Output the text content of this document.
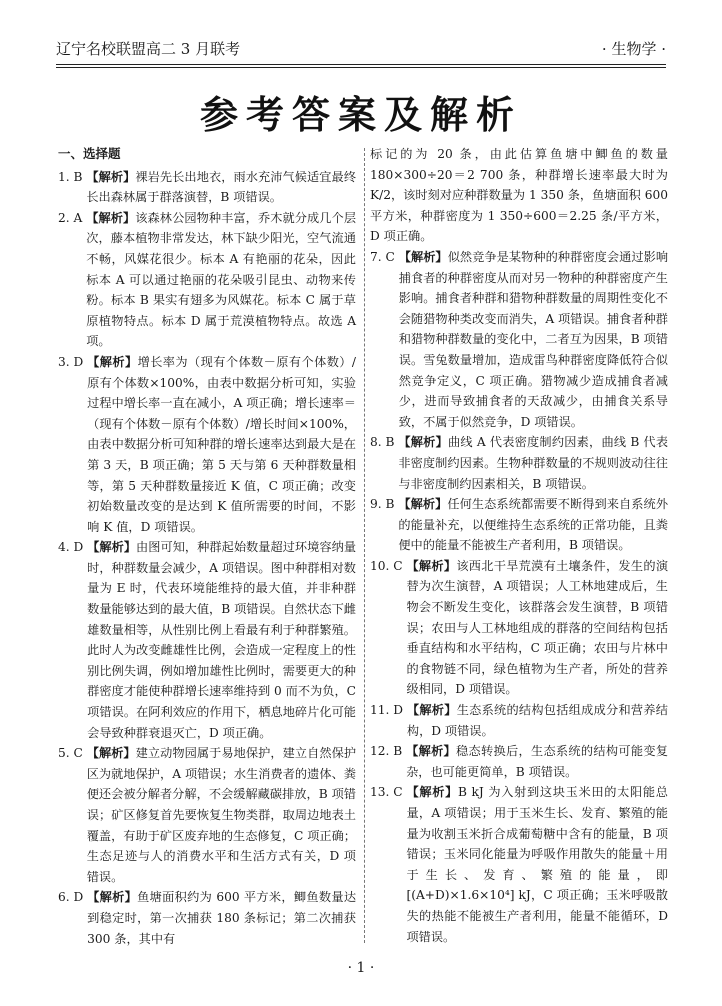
辽宁名校联盟高二 3 月联考	· 生物学 ·
参考答案及解析
一、选择题
1. B 【解析】裸岩先长出地衣，雨水充沛气候适宜最终长出森林属于群落演替，B 项错误。
2. A 【解析】该森林公园物种丰富，乔木就分成几个层次，藤本植物非常发达，林下缺少阳光，空气流通不畅，风媒花很少。标本 A 有艳丽的花朵，因此标本 A 可以通过艳丽的花朵吸引昆虫、动物来传粉。标本 B 果实有翅多为风媒花。标本 C 属于草原植物特点。标本 D 属于荒漠植物特点。故选 A 项。
3. D 【解析】增长率为（现有个体数－原有个体数）/原有个体数×100%，由表中数据分析可知，实验过程中增长率一直在减小，A 项正确；增长速率＝（现有个体数－原有个体数）/增长时间×100%，由表中数据分析可知种群的增长速率达到最大是在第 3 天，B 项正确；第 5 天与第 6 天种群数量相等，第 5 天种群数量接近 K 值，C 项正确；改变初始数量改变的是达到 K 值所需要的时间，不影响 K 值，D 项错误。
4. D 【解析】由图可知，种群起始数量超过环境容纳量时，种群数量会减少，A 项错误。图中种群相对数量为 E 时，代表环境能维持的最大值，并非种群数量能够达到的最大值，B 项错误。自然状态下雌雄数量相等，从性别比例上看最有利于种群繁殖。此时人为改变雌雄性比例，会造成一定程度上的性别比例失调，例如增加雄性比例时，需要更大的种群密度才能使种群增长速率维持到 0 而不为负，C 项错误。在阿利效应的作用下，栖息地碎片化可能会导致种群衰退灭亡，D 项正确。
5. C 【解析】建立动物园属于易地保护，建立自然保护区为就地保护，A 项错误；水生消费者的遗体、粪便还会被分解者分解，不会缓解藏碳排放，B 项错误；矿区修复首先要恢复生物类群，取周边地表土覆盖，有助于矿区废弃地的生态修复，C 项正确；生态足迹与人的消费水平和生活方式有关，D 项错误。
6. D 【解析】鱼塘面积约为 600 平方米，鲫鱼数量达到稳定时，第一次捕获 180 条标记；第二次捕获 300 条，其中有
标记的为 20 条，由此估算鱼塘中鲫鱼的数量 180×300÷20＝2 700 条，种群增长速率最大时为 K/2，该时刻对应种群数量为 1 350 条，鱼塘面积 600 平方米，种群密度为 1 350÷600＝2.25 条/平方米，D 项正确。
7. C 【解析】似然竞争是某物种的种群密度会通过影响捕食者的种群密度从而对另一物种的种群密度产生影响。捕食者种群和猎物种群数量的周期性变化不会随猎物种类改变而消失，A 项错误。捕食者种群和猎物种群数量的变化中，二者互为因果，B 项错误。雪兔数量增加，造成雷鸟种群密度降低符合似然竞争定义，C 项正确。猎物减少造成捕食者减少，进而导致捕食者的天敌减少，由捕食关系导致，不属于似然竞争，D 项错误。
8. B 【解析】曲线 A 代表密度制约因素，曲线 B 代表非密度制约因素。生物种群数量的不规则波动往往与非密度制约因素相关，B 项错误。
9. B 【解析】任何生态系统都需要不断得到来自系统外的能量补充，以便维持生态系统的正常功能，且粪便中的能量不能被生产者利用，B 项错误。
10. C 【解析】该西北干旱荒漠有土壤条件，发生的演替为次生演替，A 项错误；人工林地建成后，生物会不断发生变化，该群落会发生演替，B 项错误；农田与人工林地组成的群落的空间结构包括垂直结构和水平结构，C 项正确；农田与片林中的食物链不同，绿色植物为生产者，所处的营养级相同，D 项错误。
11. D 【解析】生态系统的结构包括组成成分和营养结构，D 项错误。
12. B 【解析】稳态转换后，生态系统的结构可能变复杂，也可能更简单，B 项错误。
13. C 【解析】B kJ 为入射到这块玉米田的太阳能总量，A 项错误；用于玉米生长、发育、繁殖的能量为收割玉米折合成葡萄糖中含有的能量，B 项错误；玉米同化能量为呼吸作用散失的能量＋用于生长、发育、繁殖的能量，即[(A+D)×1.6×10⁴] kJ，C 项正确；玉米呼吸散失的热能不能被生产者利用，能量不能循环，D 项错误。
· 1 ·
